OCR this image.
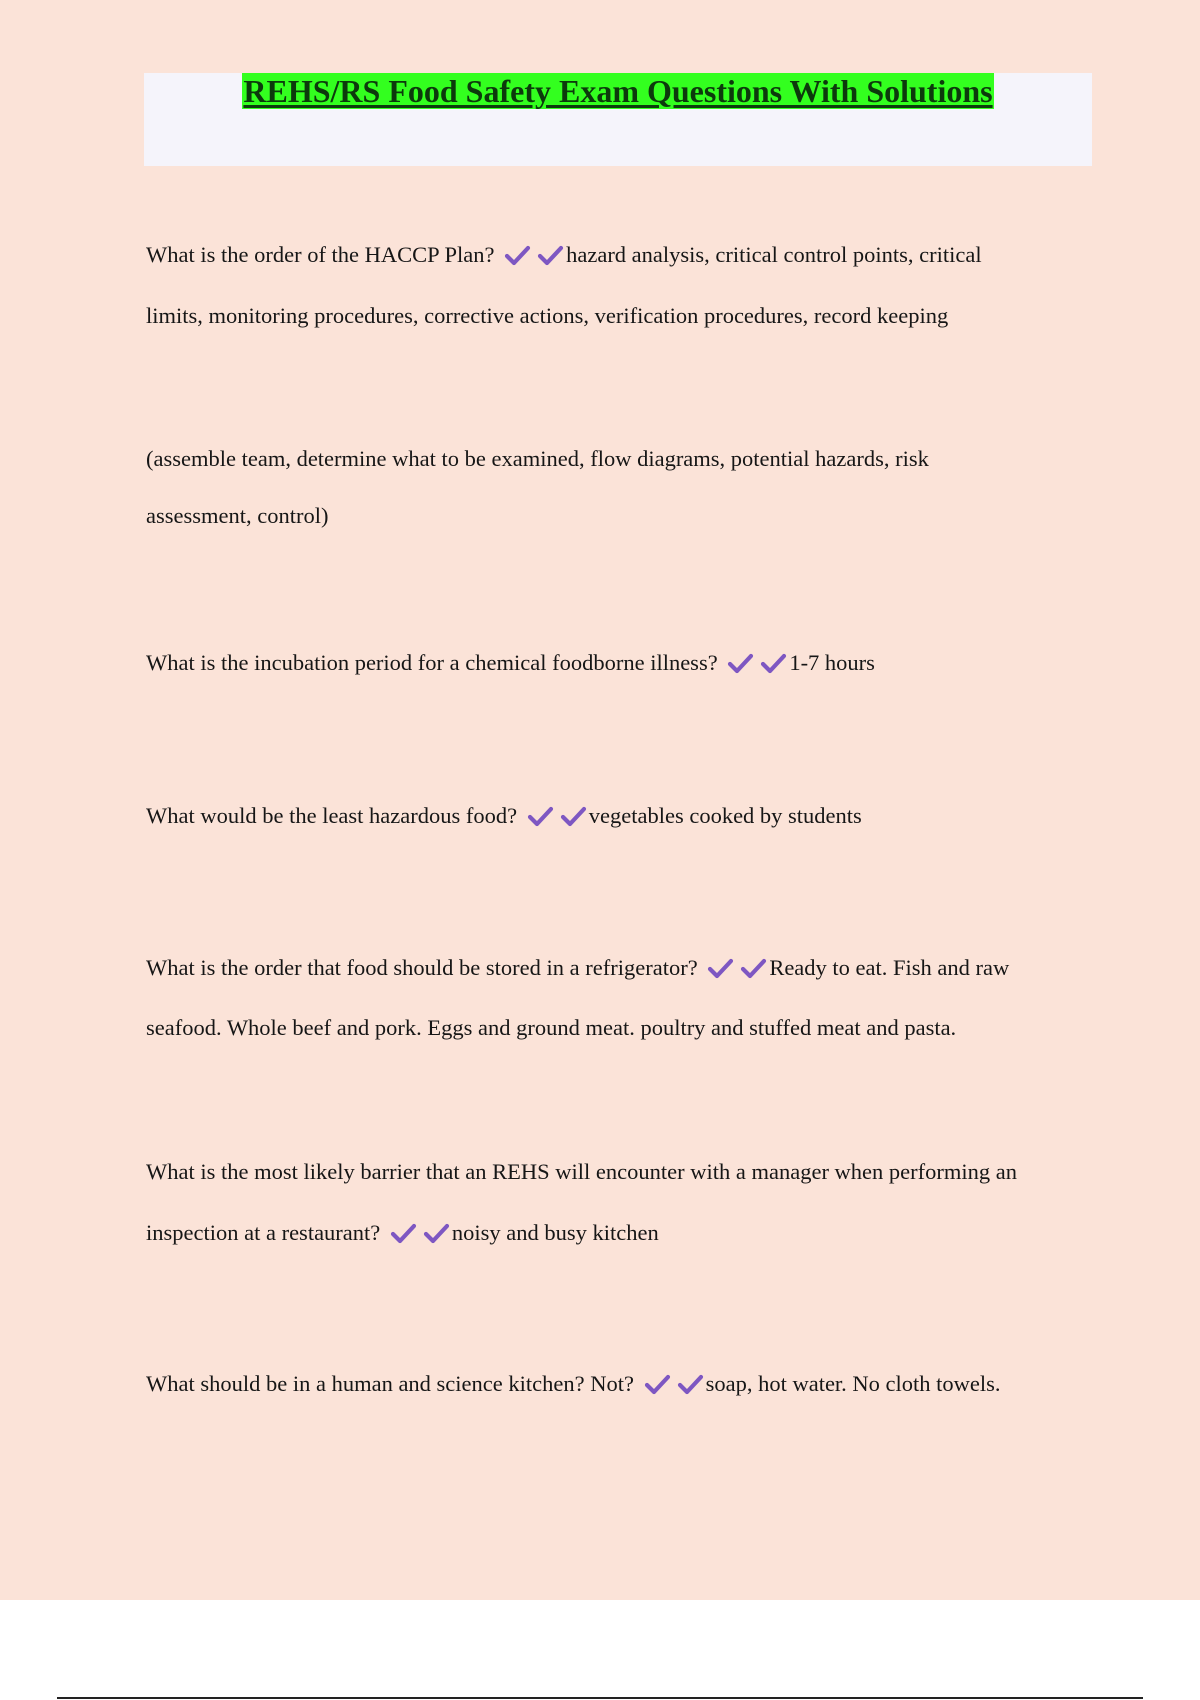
REHS/RS Food Safety Exam Questions With Solutions
What is the order of the HACCP Plan?	hazard analysis, critical control points, critical
limits, monitoring procedures, corrective actions, verification procedures, record keeping
(assemble team, determine what to be examined, flow diagrams, potential hazards, risk
assessment, control)
What is the incubation period for a chemical foodborne illness?	1-7 hours
What would be the least hazardous food?	vegetables cooked by students
What is the order that food should be stored in a refrigerator?	Ready to eat. Fish and raw
seafood. Whole beef and pork. Eggs and ground meat. poultry and stuffed meat and pasta.
What is the most likely barrier that an REHS will encounter with a manager when performing an
inspection at a restaurant?	noisy and busy kitchen
What should be in a human and science kitchen? Not?	soap, hot water. No cloth towels.
